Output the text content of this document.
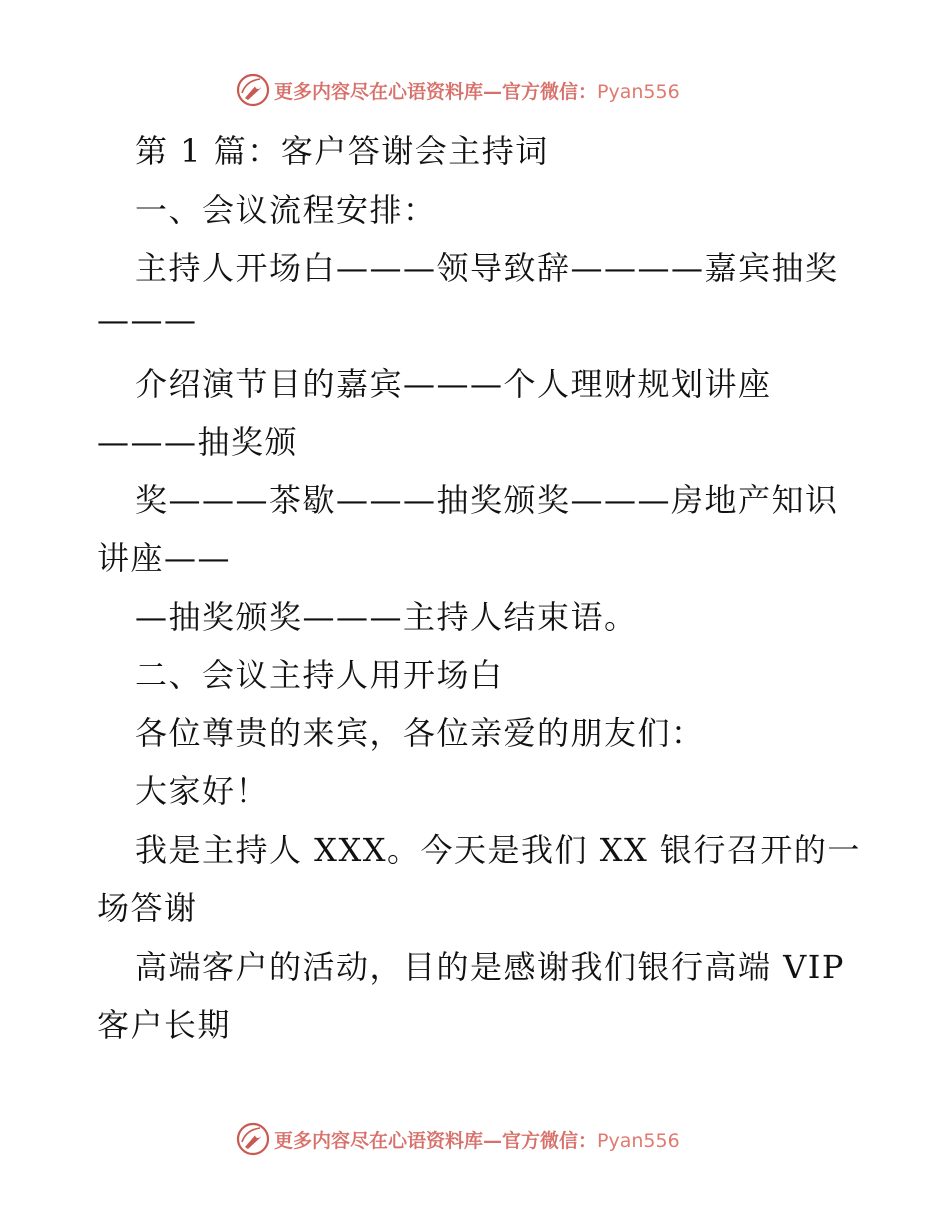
更多内容尽在心语资料库—官方微信：Pyan556
第 1 篇：客户答谢会主持词
一、会议流程安排：
主持人开场白———领导致辞————嘉宾抽奖
———
介绍演节目的嘉宾———个人理财规划讲座
———抽奖颁
奖———茶歇———抽奖颁奖———房地产知识
讲座——
—抽奖颁奖———主持人结束语。
二、会议主持人用开场白
各位尊贵的来宾，各位亲爱的朋友们：
大家好！
我是主持人 XXX。今天是我们 XX 银行召开的一
场答谢
高端客户的活动，目的是感谢我们银行高端 VIP
客户长期
更多内容尽在心语资料库—官方微信：Pyan556
